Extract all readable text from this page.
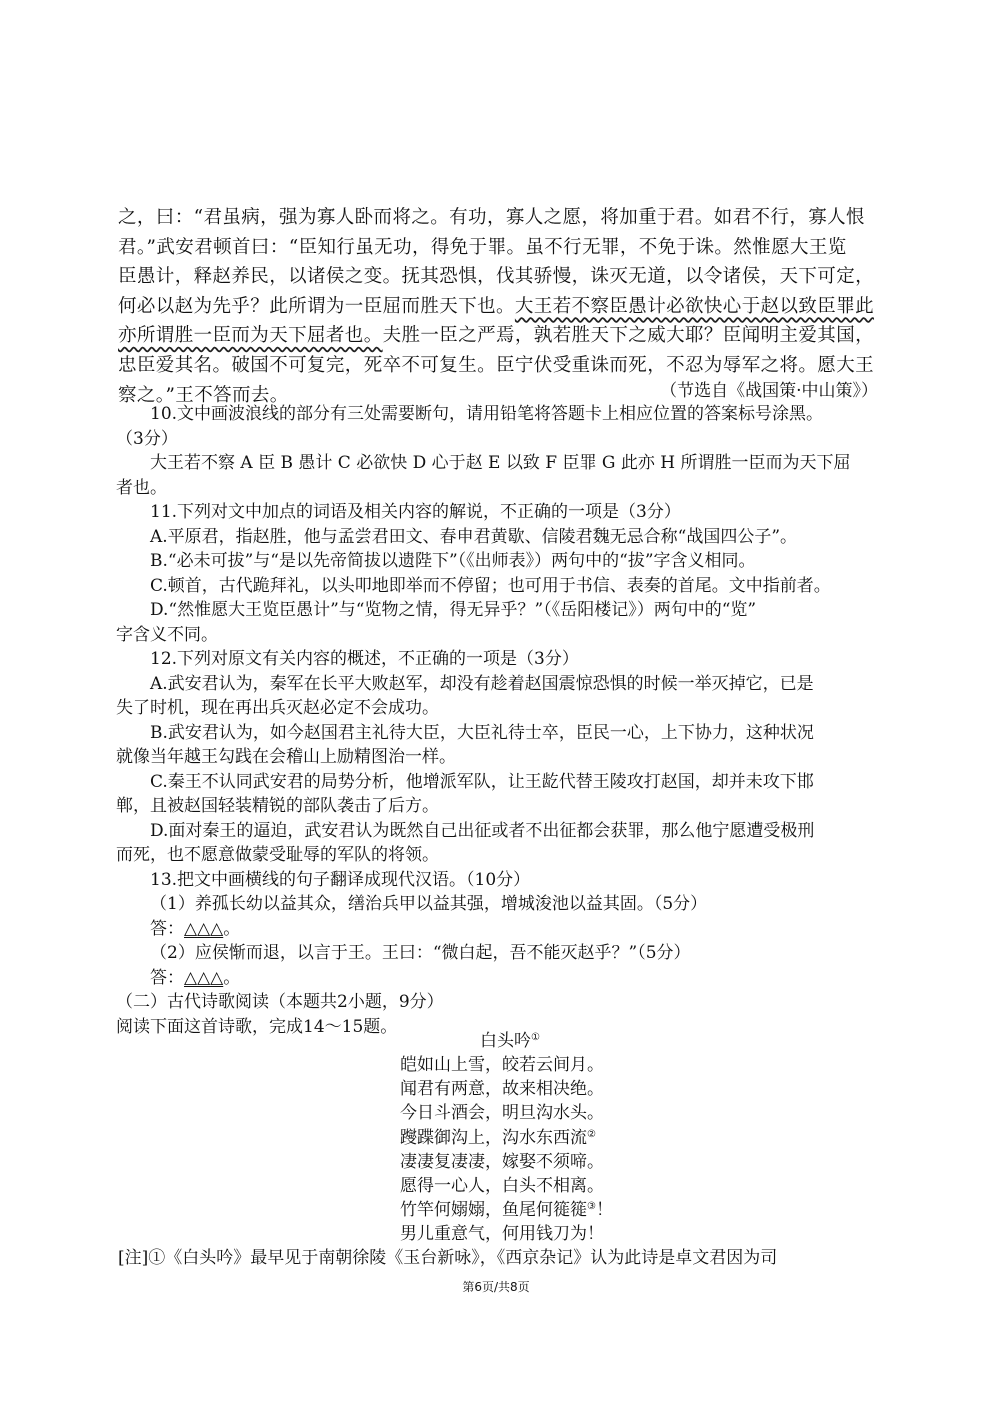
之，曰：“君虽病，强为寡人卧而将之。有功，寡人之愿，将加重于君。如君不行，寡人恨
君。”武安君顿首曰：“臣知行虽无功，得免于罪。虽不行无罪，不免于诛。然惟愿大王览
臣愚计，释赵养民，以诸侯之变。抚其恐惧，伐其骄慢，诛灭无道，以令诸侯，天下可定，
何必以赵为先乎？此所谓为一臣屈而胜天下也。大王若不察臣愚计必欲快心于赵以致臣罪此
亦所谓胜一臣而为天下屈者也。夫胜一臣之严焉，孰若胜天下之威大耶？臣闻明主爱其国，
忠臣爱其名。破国不可复完，死卒不可复生。臣宁伏受重诛而死，不忍为辱军之将。愿大王
察之。”王不答而去。	（节选自《战国策·中山策》）
10.文中画波浪线的部分有三处需要断句，请用铅笔将答题卡上相应位置的答案标号涂黑。
（3分）
大王若不察 A 臣 B 愚计 C 必欲快 D 心于赵 E 以致 F 臣罪 G 此亦 H 所谓胜一臣而为天下屈
者也。
11.下列对文中加点的词语及相关内容的解说，不正确的一项是（3分）
A.平原君，指赵胜，他与孟尝君田文、春申君黄歇、信陵君魏无忌合称“战国四公子”。
B.“必未可拔”与“是以先帝简拔以遗陛下”（《出师表》）两句中的“拔”字含义相同。
C.顿首，古代跪拜礼，以头叩地即举而不停留；也可用于书信、表奏的首尾。文中指前者。
D.“然惟愿大王览臣愚计”与“览物之情，得无异乎？”（《岳阳楼记》）两句中的“览”
字含义不同。
12.下列对原文有关内容的概述，不正确的一项是（3分）
A.武安君认为，秦军在长平大败赵军，却没有趁着赵国震惊恐惧的时候一举灭掉它，已是
失了时机，现在再出兵灭赵必定不会成功。
B.武安君认为，如今赵国君主礼待大臣，大臣礼待士卒，臣民一心，上下协力，这种状况
就像当年越王勾践在会稽山上励精图治一样。
C.秦王不认同武安君的局势分析，他增派军队，让王龁代替王陵攻打赵国，却并未攻下邯
郸，且被赵国轻装精锐的部队袭击了后方。
D.面对秦王的逼迫，武安君认为既然自己出征或者不出征都会获罪，那么他宁愿遭受极刑
而死，也不愿意做蒙受耻辱的军队的将领。
13.把文中画横线的句子翻译成现代汉语。（10分）
（1）养孤长幼以益其众，缮治兵甲以益其强，增城浚池以益其固。（5分）
答：△△△。
（2）应侯惭而退，以言于王。王曰：“微白起，吾不能灭赵乎？”（5分）
答：△△△。
（二）古代诗歌阅读（本题共2小题，9分）
阅读下面这首诗歌，完成14～15题。
白头吟①
皑如山上雪，皎若云间月。
闻君有两意，故来相决绝。
今日斗酒会，明旦沟水头。
躞蹀御沟上，沟水东西流②
凄凄复凄凄，嫁娶不须啼。
愿得一心人，白头不相离。
竹竿何嫋嫋，鱼尾何簁簁③！
男儿重意气，何用钱刀为！
[注]①《白头吟》最早见于南朝徐陵《玉台新咏》，《西京杂记》认为此诗是卓文君因为司
第6页/共8页
